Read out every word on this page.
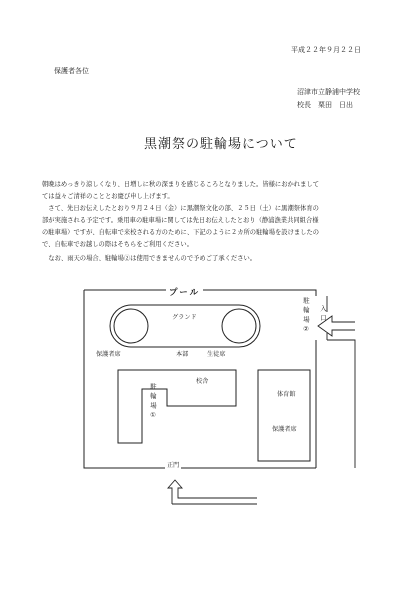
平成２２年９月２２日
保護者各位
沼津市立静浦中学校
校長　栗田　日出
黒潮祭の駐輪場について
朝晩はめっきり涼しくなり、日増しに秋の深まりを感じるころとなりました。皆様におかれまして
ては益々ご清祥のこととお慶び申し上げます。
　さて、先日お伝えしたとおり９月２４日（金）に黒潮祭文化の部、２５日（土）に黒潮祭体育の
部が実施される予定です。乗用車の駐車場に関しては先日お伝えしたとおり（静浦漁業共同組合様
の駐車場）ですが、自転車で来校される方のために、下記のように２カ所の駐輪場を設けましたの
で、自転車でお越しの際はそちらをご利用ください。
　なお、雨天の場合、駐輪場②は使用できませんので予めご了承ください。
プール
グランド	駐輪場② 入口
保護者席	本部	生徒席
校舎
駐輪場①	体育館
保護者席
正門
